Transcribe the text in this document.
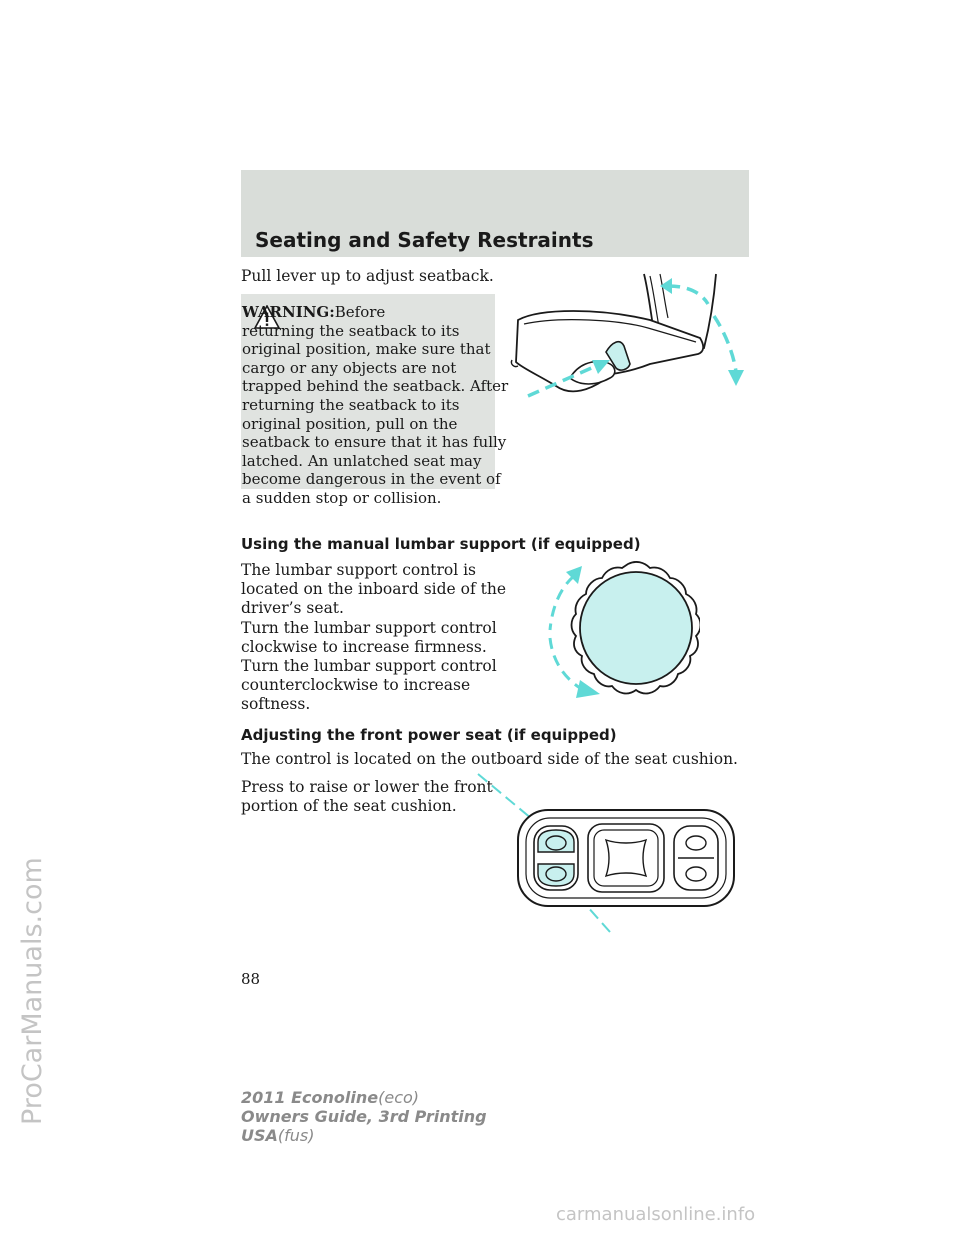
Seating and Safety Restraints
Pull lever up to adjust seatback.
WARNING:Before
returning the seatback to its
original position, make sure that
cargo or any objects are not
trapped behind the seatback. After
returning the seatback to its
original position, pull on the
seatback to ensure that it has fully
latched. An unlatched seat may
become dangerous in the event of
a sudden stop or collision.
Using the manual lumbar support (if equipped)
The lumbar support control is
located on the inboard side of the
driver’s seat.
Turn the lumbar support control
clockwise to increase firmness.
Turn the lumbar support control
counterclockwise to increase
softness.
Adjusting the front power seat (if equipped)
The control is located on the outboard side of the seat cushion.
Press to raise or lower the front
portion of the seat cushion.
88
2011 Econoline(eco)
Owners Guide, 3rd Printing
USA(fus)
ProCarManuals.com
carmanualsonline.info
